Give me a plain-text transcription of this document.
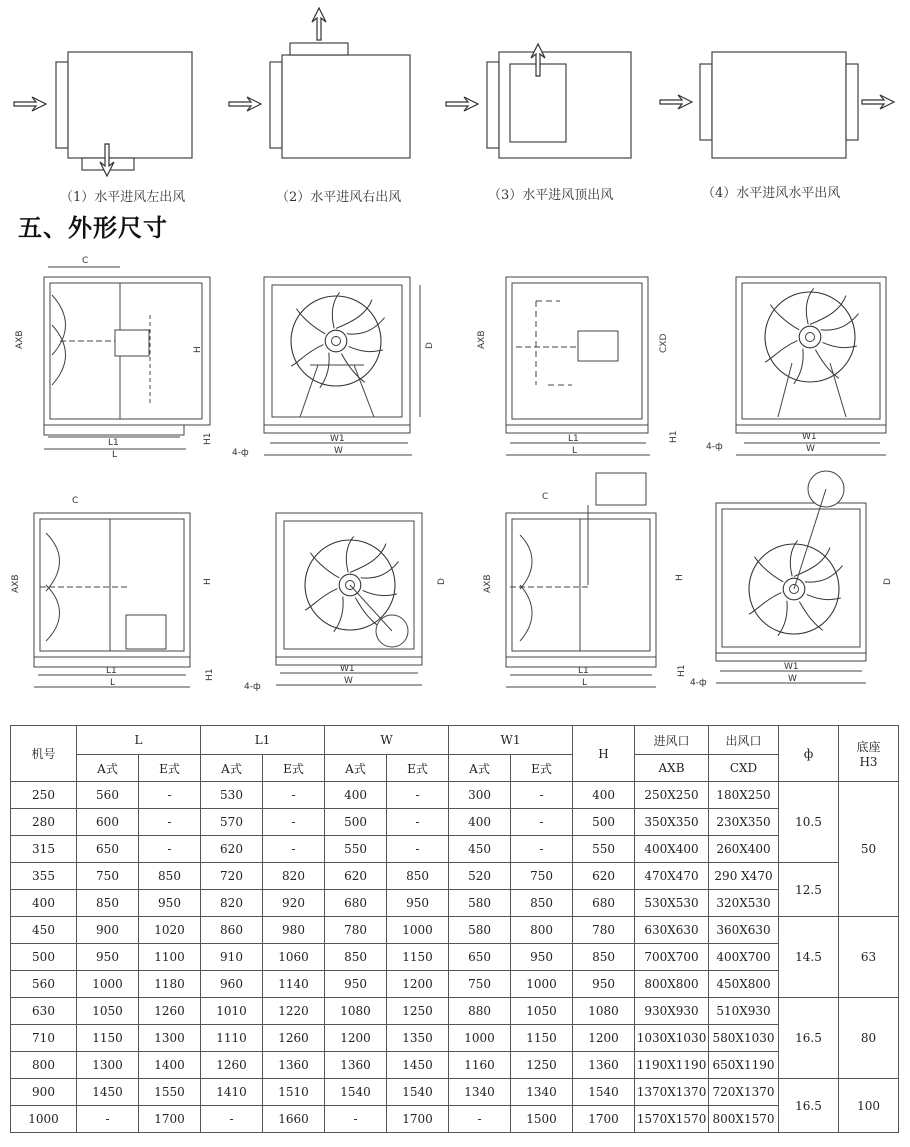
（1）水平进风左出风	（2）水平进风右出风	（3）水平进风顶出风	（4）水平进风水平出风
五、外形尺寸
C
AXB
H
L1
L
H1
D
W1
W
4-ф
AXB	CXD
L1
L
H1	W1
W
4-ф
C
AXB	H
L1
L
H1
D
W1
W
4-ф
C
AXB	H
L1
L
H1
D
W1
W
4-ф
机号	L		L1		W		W1		H	进风口	出风口	ф	底座
H3
	A式	E式	A式	E式	A式	E式	A式	E式		AXB	CXD		
250	560	-	530	-	400	-	300	-	400	250X250	180X250	10.5	50
280	600	-	570	-	500	-	400	-	500	350X350	230X350		
315	650	-	620	-	550	-	450	-	550	400X400	260X400		
355	750	850	720	820	620	850	520	750	620	470X470	290 X470	12.5	
400	850	950	820	920	680	950	580	850	680	530X530	320X530		
450	900	1020	860	980	780	1000	580	800	780	630X630	360X630	14.5	63
500	950	1100	910	1060	850	1150	650	950	850	700X700	400X700		
560	1000	1180	960	1140	950	1200	750	1000	950	800X800	450X800		
630	1050	1260	1010	1220	1080	1250	880	1050	1080	930X930	510X930	16.5	80
710	1150	1300	1110	1260	1200	1350	1000	1150	1200	1030X1030	580X1030		
800	1300	1400	1260	1360	1360	1450	1160	1250	1360	1190X1190	650X1190		
900	1450	1550	1410	1510	1540	1540	1340	1340	1540	1370X1370	720X1370	16.5	100
1000	-	1700	-	1660	-	1700	-	1500	1700	1570X1570	800X1570		
